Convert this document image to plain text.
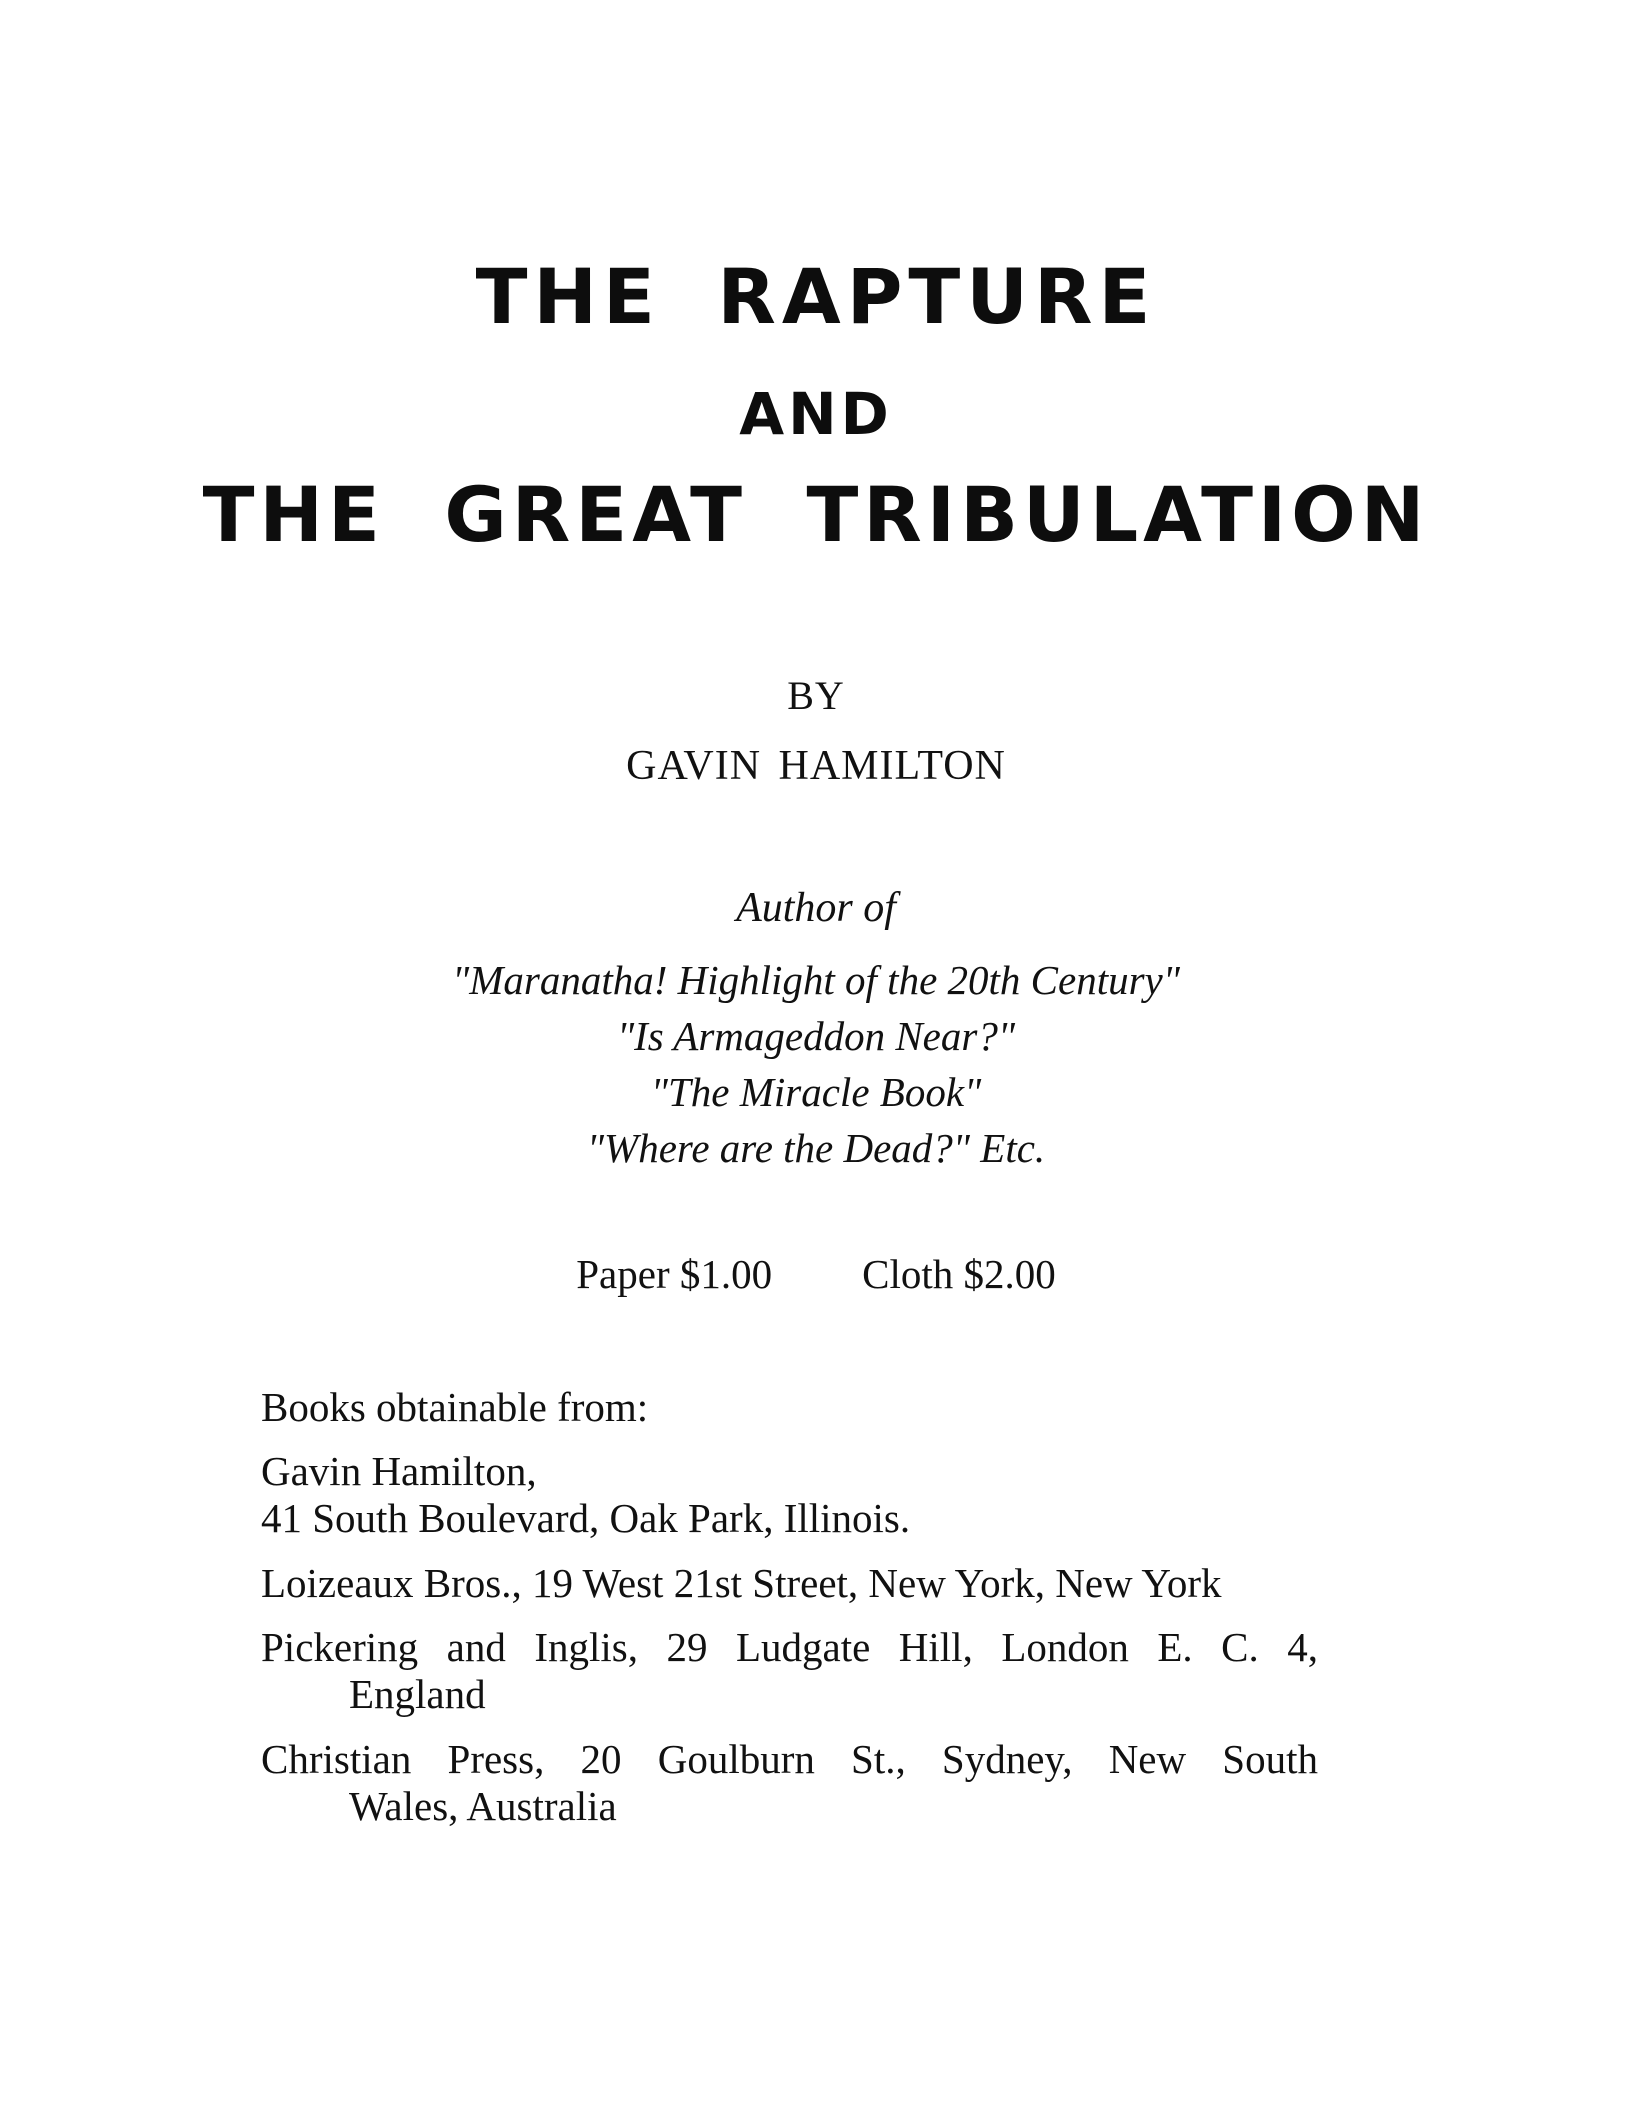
THE RAPTURE
AND
THE GREAT TRIBULATION
BY
GAVIN HAMILTON
Author of
"Maranatha! Highlight of the 20th Century"
"Is Armageddon Near?"
"The Miracle Book"
"Where are the Dead?" Etc.
Paper $1.00 Cloth $2.00
Books obtainable from:
Gavin Hamilton,
41 South Boulevard, Oak Park, Illinois.
Loizeaux Bros., 19 West 21st Street, New York, New York
Pickering and Inglis, 29 Ludgate Hill, London E. C. 4,
England
Christian Press, 20 Goulburn St., Sydney, New South
Wales, Australia
